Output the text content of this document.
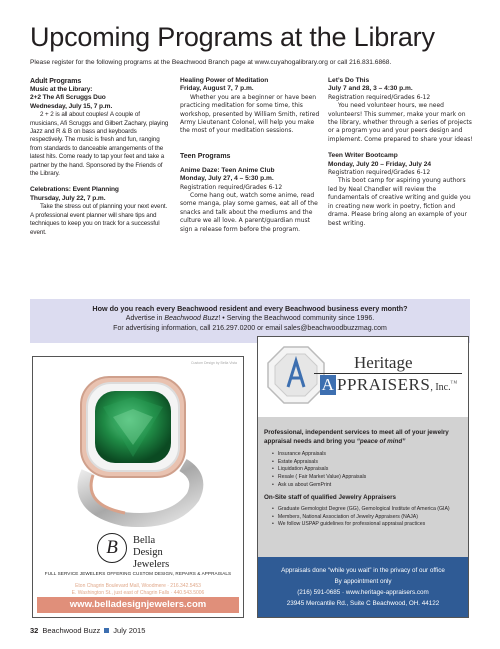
Upcoming Programs at the Library
Please register for the following programs at the Beachwood Branch page at www.cuyahogalibrary.org or call 216.831.6868.
Adult Programs
Music at the Library:
2+2 The Afi Scruggs Duo
Wednesday, July 15, 7 p.m.

2 + 2 is all about couples! A couple of musicians, Afi Scruggs and Gilbert Zachary, playing Jazz and R & B on bass and keyboards respectively. The music is fresh and fun, ranging from standards to danceable arrangements of the latest hits. Come ready to tap your feet and take a partner by the hand. Sponsored by the Friends of the Library.

Celebrations: Event Planning
Thursday, July 22, 7 p.m.

Take the stress out of planning your next event. A professional event planner will share tips and techniques to keep you on track for a successful event.

Healing Power of Meditation
Friday, August 7, 7 p.m.

Whether you are a beginner or have been practicing meditation for some time, this workshop, presented by William Smith, retired Army Lieutenant Colonel, will help you make the most of your meditation sessions.

Teen Programs
Anime Daze: Teen Anime Club
Monday, July 27, 4 – 5:30 p.m.

Registration required/Grades 6-12

Come hang out, watch some anime, read some manga, play some games, eat all of the snacks and talk about the mediums and the culture we all love. A parent/guardian must sign a release form before the program.

Let’s Do This
July 7 and 28, 3 – 4:30 p.m.

Registration required/Grades 6-12

You need volunteer hours, we need volunteers! This summer, make your mark on the library, whether through a series of projects or a program you and your peers design and implement. Come prepared to share your ideas!

Teen Writer Bootcamp
Monday, July 20 – Friday, July 24

Registration required/Grades 6-12

This boot camp for aspiring young authors led by Neal Chandler will review the fundamentals of creative writing and guide you in creating new work in poetry, fiction and drama. Please bring along an example of your best writing.

How do you reach every Beachwood resident and every Beachwood business every month?
Advertise in Beachwood Buzz! • Serving the Beachwood community since 1996.
For advertising information, call 216.297.0200 or email sales@beachwoodbuzzmag.com
Custom Design by Bella Vista
B	Bella Design
Jewelers
FULL SERVICE JEWELERS OFFERING CUSTOM DESIGN, REPAIRS & APPRAISALS
Eton Chagrin Boulevard Mall, Woodmere · 216.342.5453
E. Washington St., just east of Chagrin Falls · 440.543.5006
www.belladesignjewelers.com
Heritage
A PPRAISERS, Inc.™
Professional, independent services to meet all of your jewelry appraisal needs and bring you “peace of mind”
• Insurance Appraisals
• Estate Appraisals
• Liquidation Appraisals
• Resale ( Fair Market Value) Appraisals
• Ask us about GemPrint
On-Site staff of qualified Jewelry Appraisers
• Graduate Gemologist Degree (GG), Gemological Institute of America (GIA)
• Members, National Association of Jewelry Appraisers (NAJA)
• We follow USPAP guidelines for professional appraisal practices
Appraisals done “while you wait” in the privacy of our office
By appointment only
(216) 591-0685 · www.heritage-appraisers.com
23945 Mercantile Rd., Suite C Beachwood, OH. 44122
32 Beachwood Buzz July 2015
